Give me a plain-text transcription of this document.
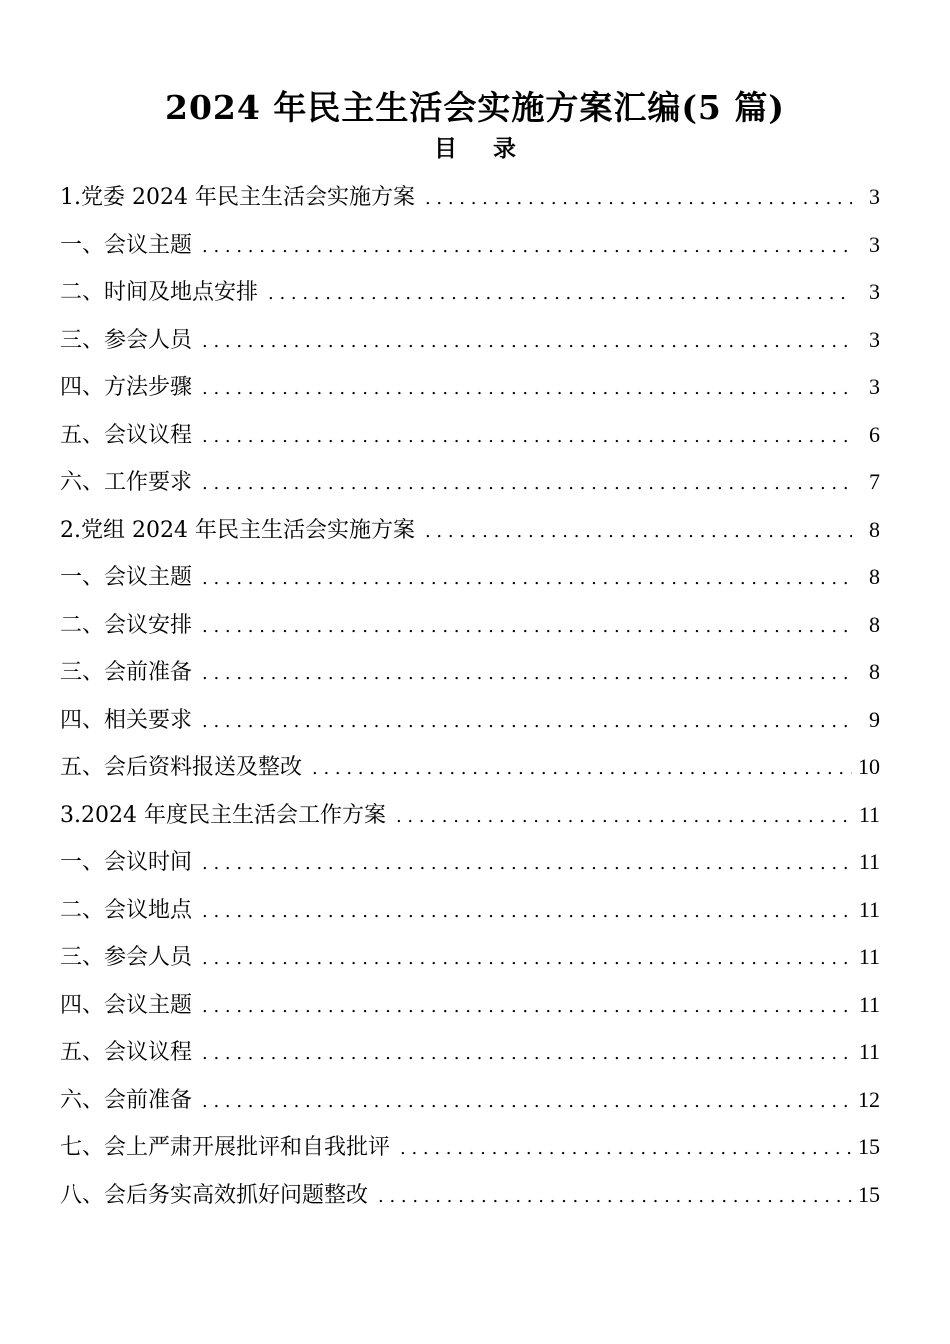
2024 年民主生活会实施方案汇编(5 篇)
目 录
1.党委 2024 年民主生活会实施方案 . . .	3
一、会议主题 . . .	3
二、时间及地点安排 . . .	3
三、参会人员 . . .	3
四、方法步骤 . . .	3
五、会议议程 . . .	6
六、工作要求 . . .	7
2.党组 2024 年民主生活会实施方案 . . .	8
一、会议主题 . . .	8
二、会议安排 . . .	8
三、会前准备 . . .	8
四、相关要求 . . .	9
五、会后资料报送及整改 . . .	10
3.2024 年度民主生活会工作方案 . . .	11
一、会议时间 . . .	11
二、会议地点 . . .	11
三、参会人员 . . .	11
四、会议主题 . . .	11
五、会议议程 . . .	11
六、会前准备 . . .	12
七、会上严肃开展批评和自我批评 . . .	15
八、会后务实高效抓好问题整改 . . .	15
